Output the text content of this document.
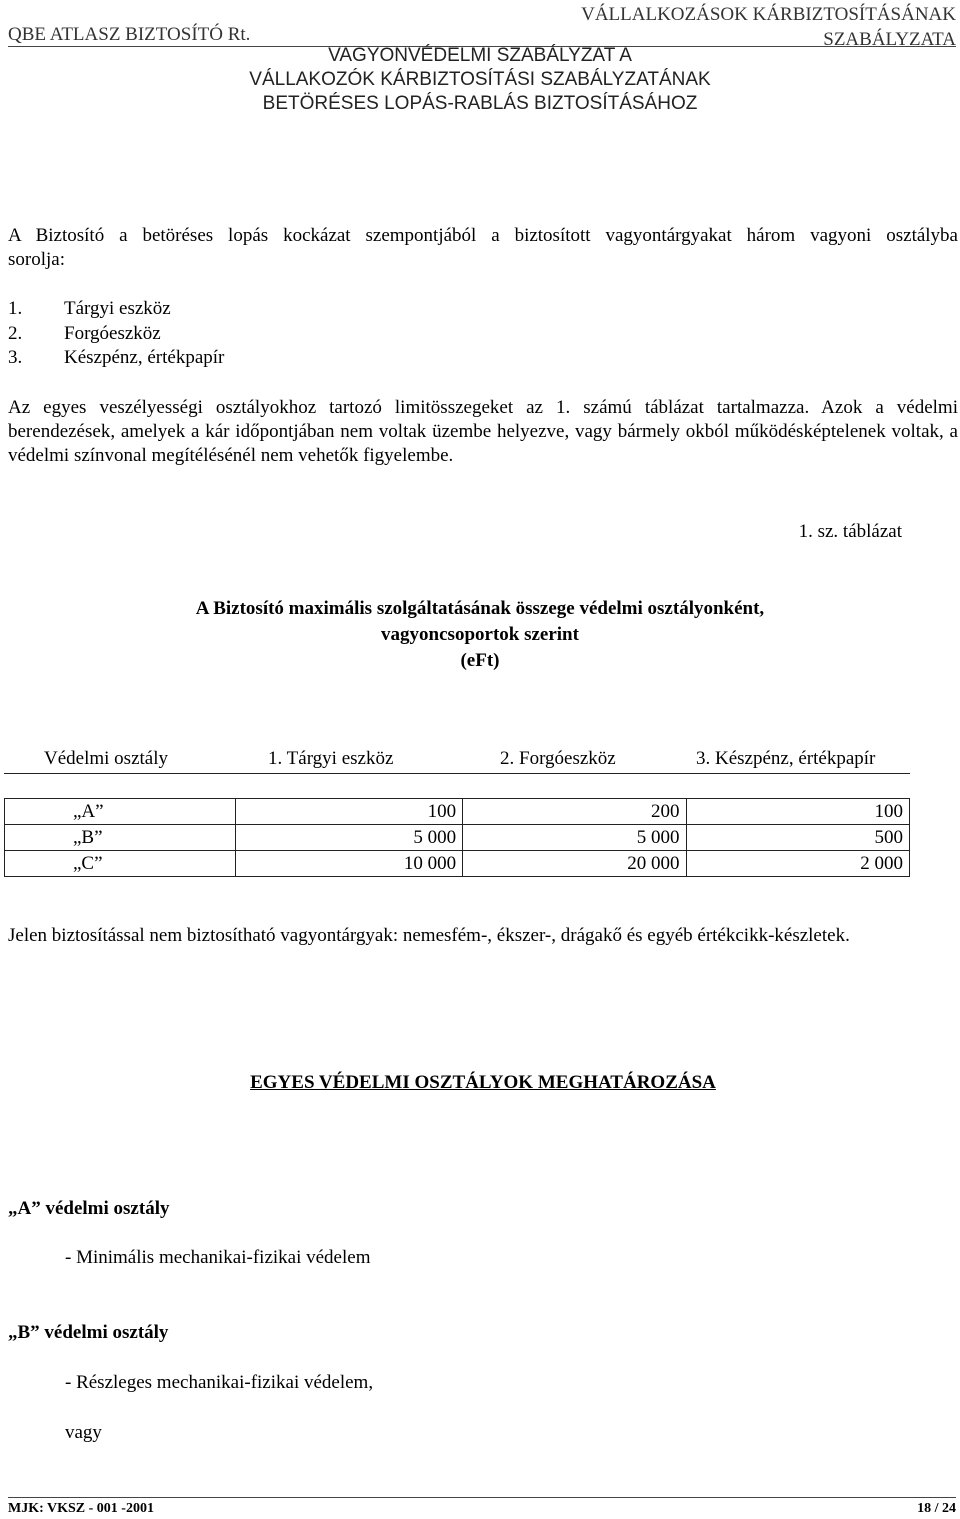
QBE ATLASZ BIZTOSÍTÓ Rt.
VÁLLALKOZÁSOK KÁRBIZTOSÍTÁSÁNAK
SZABÁLYZATA
VAGYONVÉDELMI SZABÁLYZAT A
VÁLLAKOZÓK KÁRBIZTOSÍTÁSI SZABÁLYZATÁNAK
BETÖRÉSES LOPÁS-RABLÁS BIZTOSÍTÁSÁHOZ
A Biztosító a betöréses lopás kockázat szempontjából a biztosított vagyontárgyakat három vagyoni osztályba
sorolja:
1. Tárgyi eszköz
2. Forgóeszköz
3. Készpénz, értékpapír
Az egyes veszélyességi osztályokhoz tartozó limitösszegeket az 1. számú táblázat tartalmazza. Azok a védelmi berendezések, amelyek a kár időpontjában nem voltak üzembe helyezve, vagy bármely okból működésképtelenek voltak, a védelmi színvonal megítélésénél nem vehetők figyelembe.
1. sz. táblázat
A Biztosító maximális szolgáltatásának összege védelmi osztályonként,
vagyoncsoportok szerint
(eFt)
Védelmi osztály	1. Tárgyi eszköz	2. Forgóeszköz	3. Készpénz, értékpapír
„A”	100	200	100
„B”	5 000	5 000	500
„C”	10 000	20 000	2 000
Jelen biztosítással nem biztosítható vagyontárgyak: nemesfém-, ékszer-, drágakő és egyéb értékcikk-készletek.
EGYES VÉDELMI OSZTÁLYOK MEGHATÁROZÁSA
„A” védelmi osztály
- Minimális mechanikai-fizikai védelem
„B” védelmi osztály
- Részleges mechanikai-fizikai védelem,
vagy
MJK: VKSZ - 001 -2001	18 / 24
